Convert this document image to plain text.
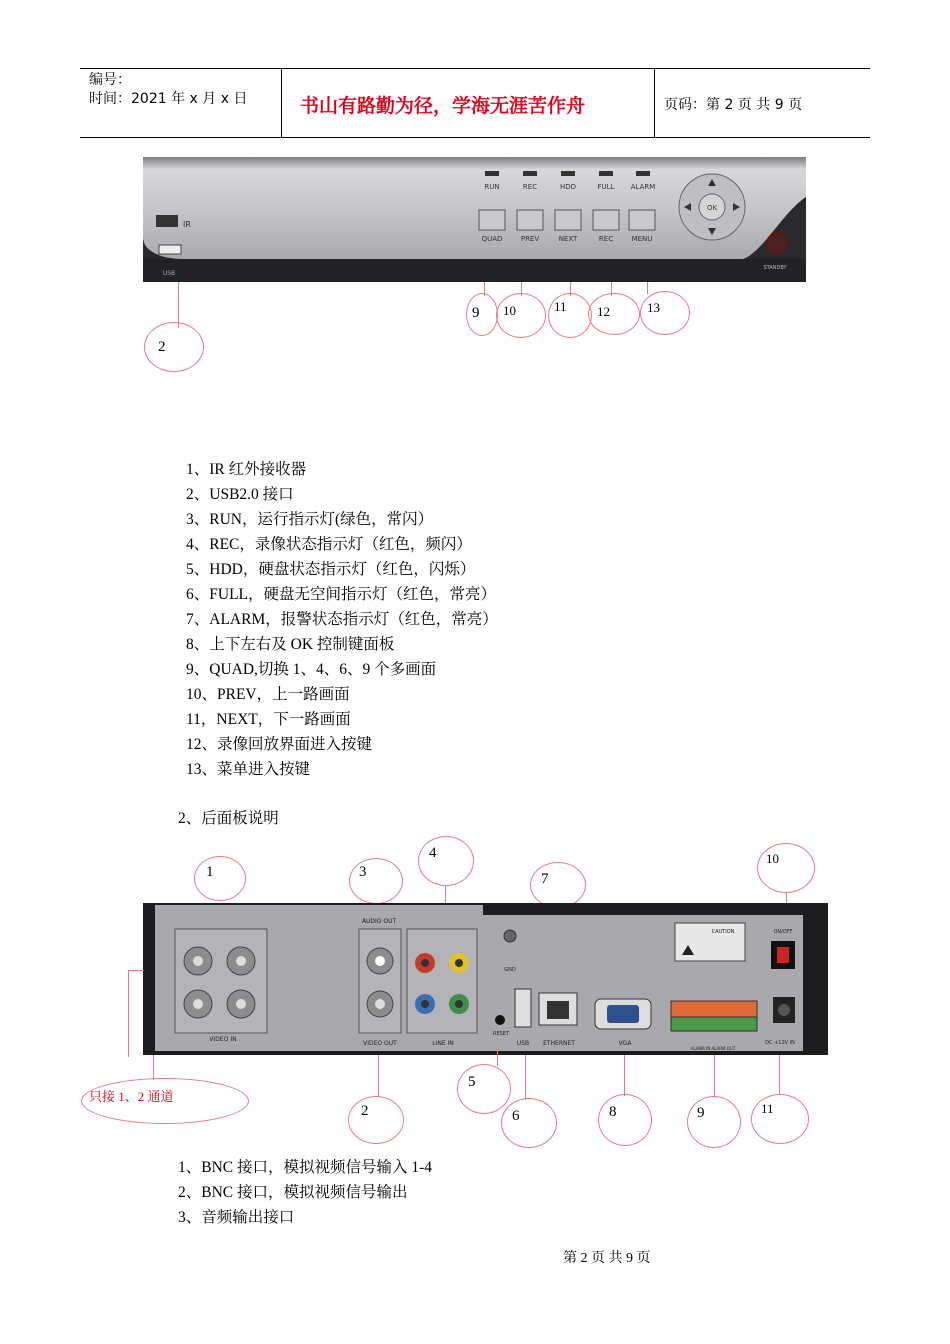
编号：
时间：2021 年 x 月 x 日	书山有路勤为径，学海无涯苦作舟	页码：第 2 页 共 9 页
IR
USB
RUN	REC	HDD	FULL ALARM
QUAD	PREV	NEXT	REC	MENU
OK
STANDBY
2
9 10	11 12	13
1、IR 红外接收器
2、USB2.0 接口
3、RUN，运行指示灯(绿色，常闪）
4、REC，录像状态指示灯（红色，频闪）
5、HDD，硬盘状态指示灯（红色，闪烁）
6、FULL，硬盘无空间指示灯（红色，常亮）
7、ALARM，报警状态指示灯（红色，常亮）
8、上下左右及 OK 控制键面板
9、QUAD,切换 1、4、6、9 个多画面
10、PREV，上一路画面
11，NEXT，下一路画面
12、录像回放界面进入按键
13、菜单进入按键
2、后面板说明
1	3
4
7
10
VIDEO IN
AUDIO OUT
VIDEO OUT	LINE IN
GND
RESET
USB ETHERNET	VGA
CAUTION
ALARM IN ALARM OUT
ON/OFF
DC +12V IN
只接 1、2 通道
2
5
6	8	9	11
1、BNC 接口，模拟视频信号输入 1-4
2、BNC 接口，模拟视频信号输出
3、音频输出接口
第 2 页 共 9 页
